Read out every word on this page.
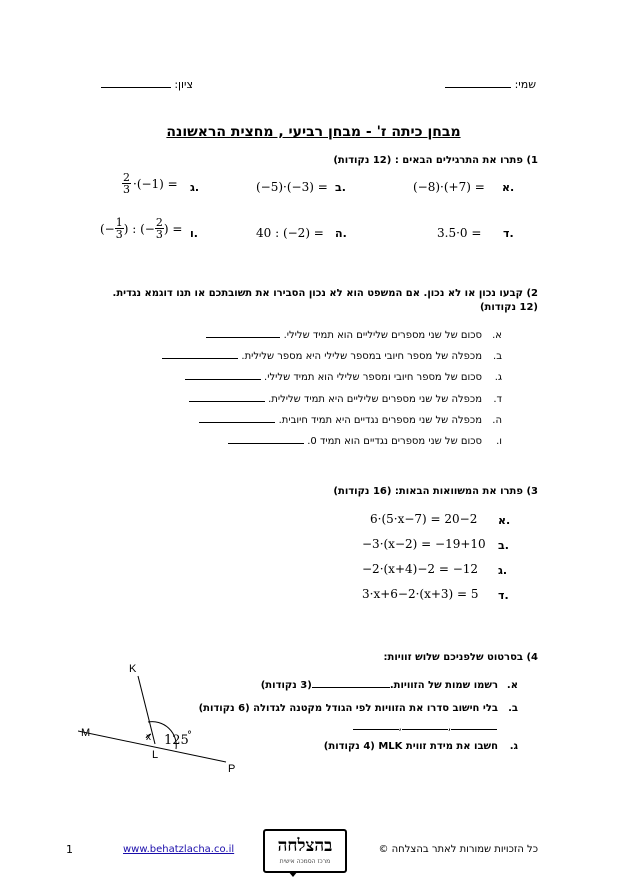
שמי:
ציון:
מבחן כיתה ז' - מבחן רביעי , מחצית הראשונה
1) פתרו את התרגילים הבאים : (12 נקודות)
א.
(−8)·(+7) =
ב.
(−5)·(−3) =
ג.
$\frac{2}{3} \cdot(-1)$ =
ד.
3.5·0 =
ה.
40 : (−2) =
ו.
(− $\frac{1}{3}$ ) : (− $\frac{2}{3}$ ) =
2) קבעו נכון או לא נכון. אם המשפט הוא לא נכון הסבירו את תשובתכם או תנו דוגמא נגדית.
(12 נקודות)
א.סכום של שני מספרים שליליים הוא תמיד שלילי.
ב.מכפלה של מספר חיובי במספר שלילי היא מספר שלילית.
ג.סכום של מספר חיובי ומספר שלילי הוא תמיד שלילי.
ד.מכפלה של שני מספרים שליליים היא תמיד שלילית.
ה.מכפלה של שני מספרים נגדיים היא תמיד חיובית.
ו.סכום של שני מספרים נגדיים הוא תמיד 0.
3) פתרו את המשוואות הבאות: (16 נקודות)
א.
6·(5·x−7) = 20−2
ב.
−3·(x−2) = −19+10
ג.
−2·(x+4)−2 = −12
ד.
3·x+6−2·(x+3) = 5
4) בסרטוט שלפניכם שלוש זוויות:
א.רשמו שמות של הזוויות.(3 נקודות)
ב.בלי חישוב סדרו את הזוויות לפי הגודל מקטנה לגדולה (6 נקודות)
,,
ג.חשבו את מידת זווית MLK (4 נקודות)
K
M
L
P
x 125
°
1	www.behatzlacha.co.il	בהצלחה
מרכז הסמכה אישית
כל הזכויות שמורות לאתר בהצלחה ©
